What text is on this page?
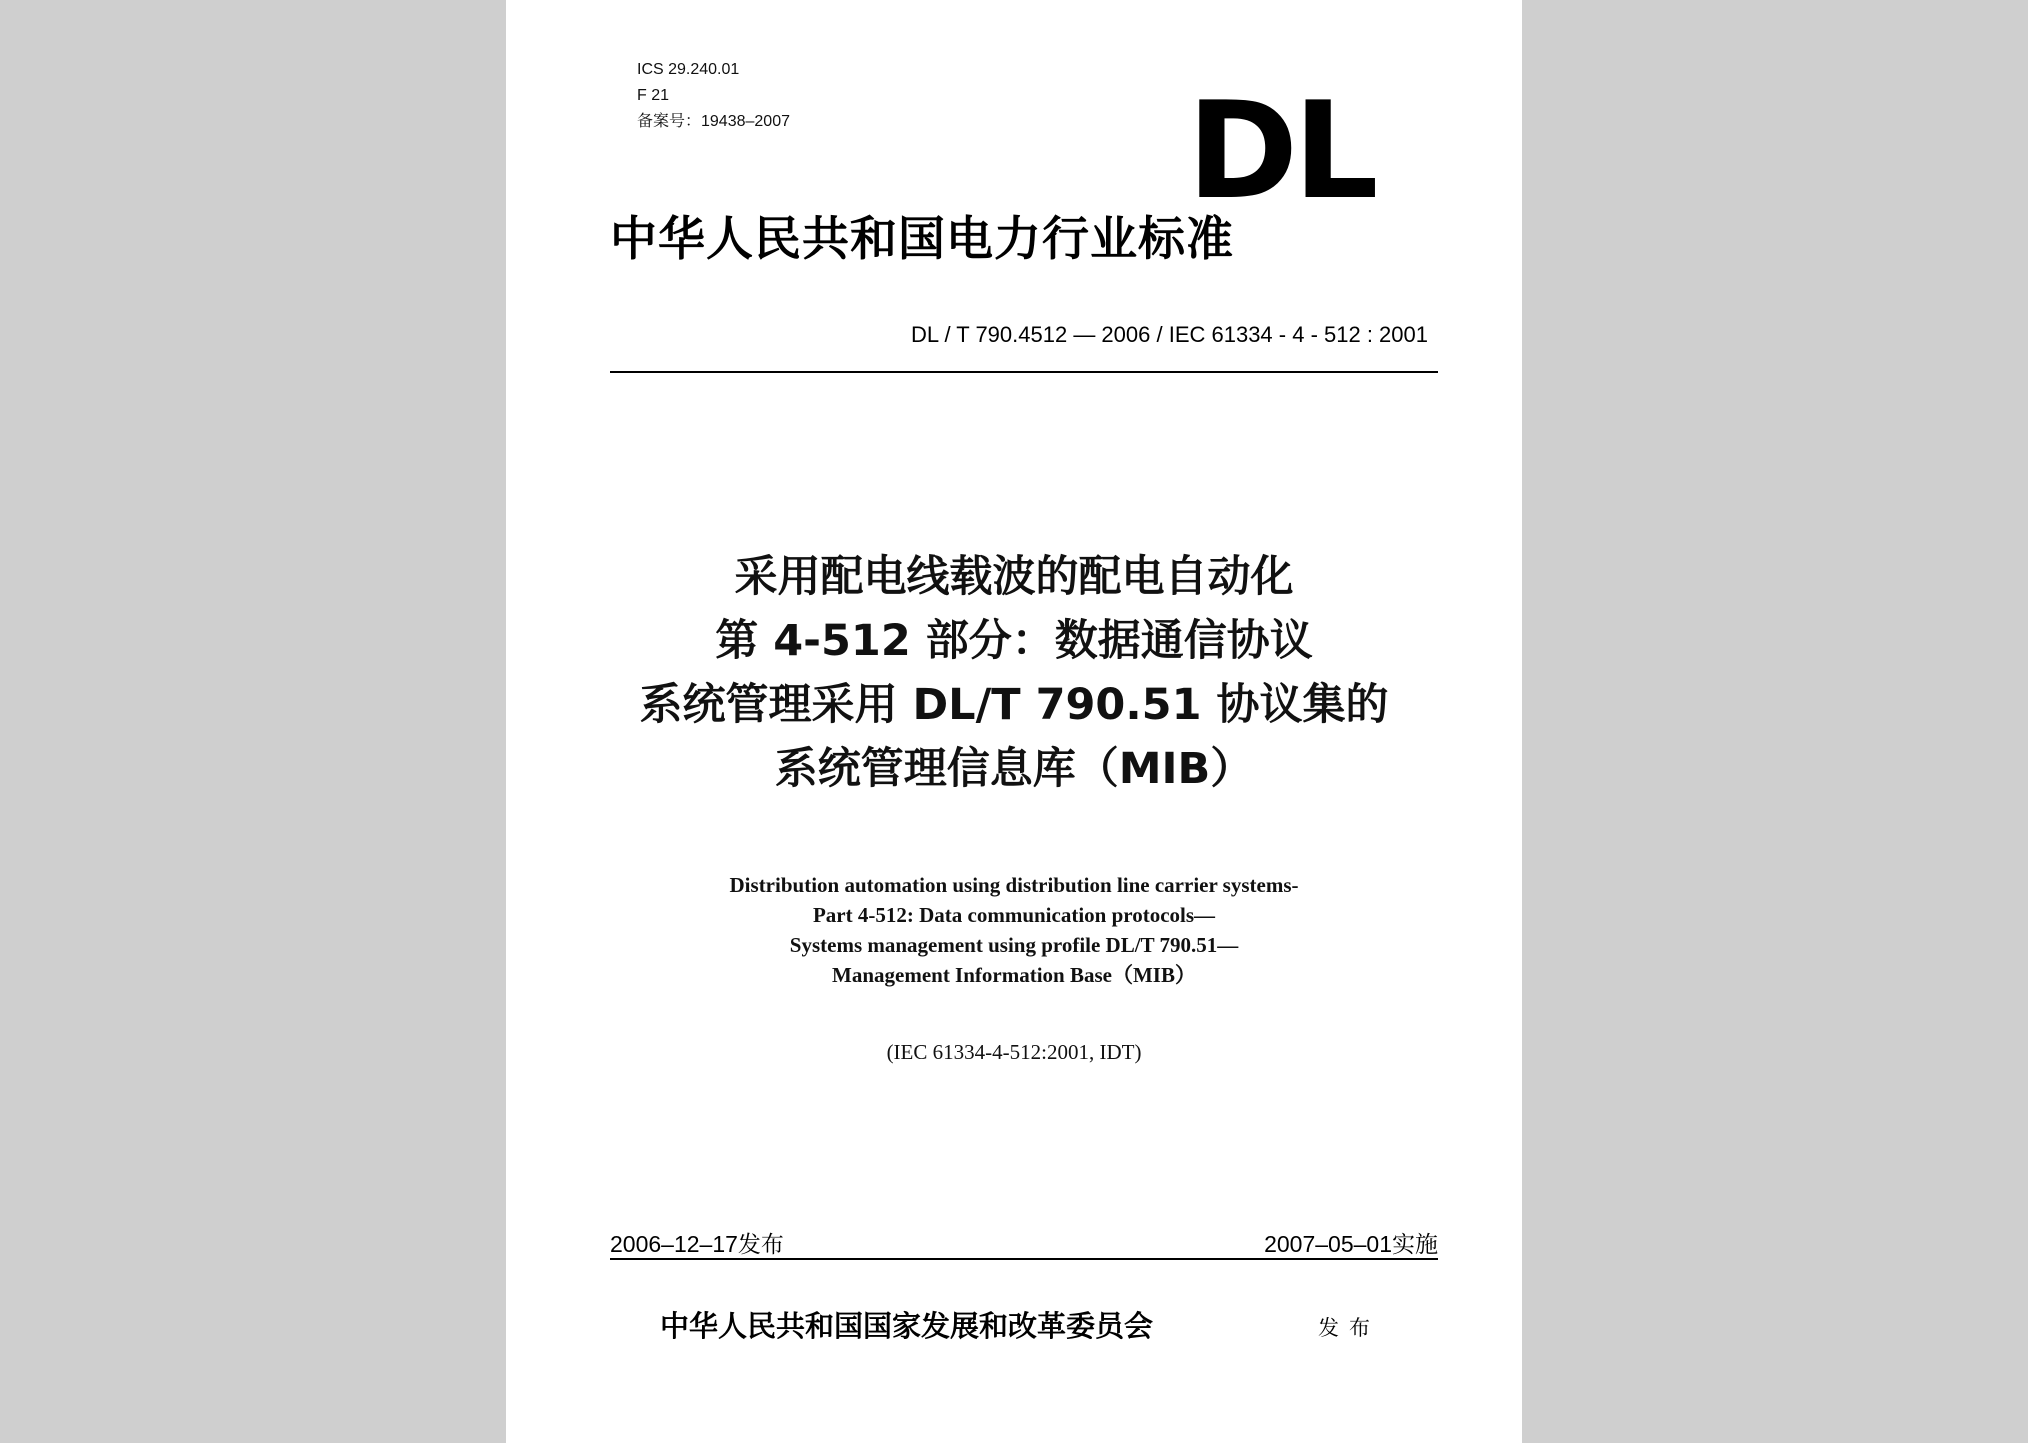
ICS 29.240.01
F 21
备案号：19438–2007	DL
中华人民共和国电力行业标准
DL / T 790.4512 — 2006 / IEC 61334 - 4 - 512 : 2001
采用配电线载波的配电自动化
第 4-512 部分：数据通信协议
系统管理采用 DL/T 790.51 协议集的
系统管理信息库（MIB）
Distribution automation using distribution line carrier systems-
Part 4-512: Data communication protocols—
Systems management using profile DL/T 790.51—
Management Information Base（MIB）
(IEC 61334-4-512:2001, IDT)
2006–12–17发布	2007–05–01实施
中华人民共和国国家发展和改革委员会	发布
